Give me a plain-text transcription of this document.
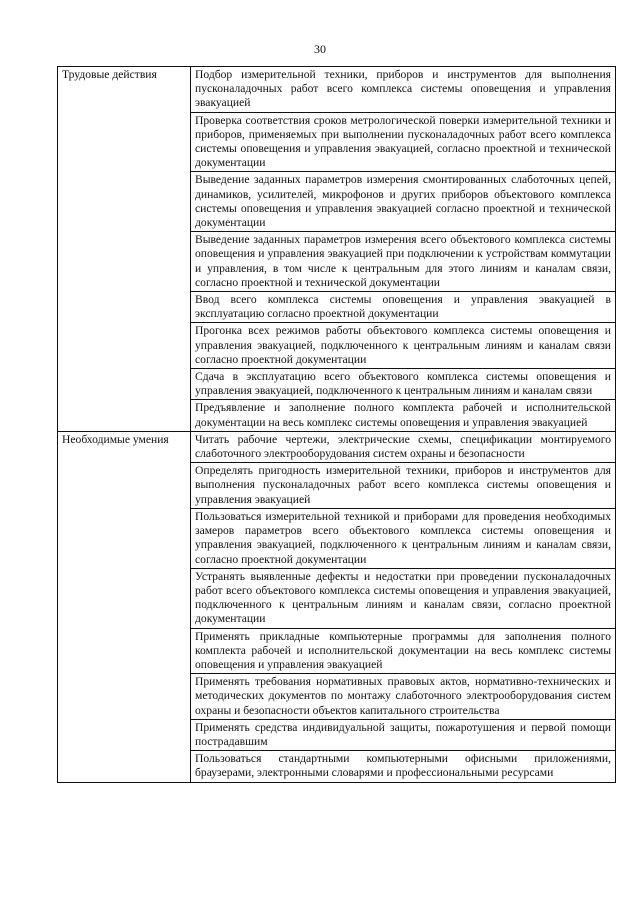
30
Трудовые действия	Подбор измерительной техники, приборов и инструментов для выполнения пусконаладочных работ всего комплекса системы оповещения и управления эвакуацией
	Проверка соответствия сроков метрологической поверки измерительной техники и приборов, применяемых при выполнении пусконаладочных работ всего комплекса системы оповещения и управления эвакуацией, согласно проектной и технической документации
	Выведение заданных параметров измерения смонтированных слаботочных цепей, динамиков, усилителей, микрофонов и других приборов объектового комплекса системы оповещения и управления эвакуацией согласно проектной и технической документации
	Выведение заданных параметров измерения всего объектового комплекса системы оповещения и управления эвакуацией при подключении к устройствам коммутации и управления, в том числе к центральным для этого линиям и каналам связи, согласно проектной и технической документации
	Ввод всего комплекса системы оповещения и управления эвакуацией в эксплуатацию согласно проектной документации
	Прогонка всех режимов работы объектового комплекса системы оповещения и управления эвакуацией, подключенного к центральным линиям и каналам связи согласно проектной документации
	Сдача в эксплуатацию всего объектового комплекса системы оповещения и управления эвакуацией, подключенного к центральным линиям и каналам связи
	Предъявление и заполнение полного комплекта рабочей и исполнительской документации на весь комплекс системы оповещения и управления эвакуацией
Необходимые умения	Читать рабочие чертежи, электрические схемы, спецификации монтируемого слаботочного электрооборудования систем охраны и безопасности
	Определять пригодность измерительной техники, приборов и инструментов для выполнения пусконаладочных работ всего комплекса системы оповещения и управления эвакуацией
	Пользоваться измерительной техникой и приборами для проведения необходимых замеров параметров всего объектового комплекса системы оповещения и управления эвакуацией, подключенного к центральным линиям и каналам связи, согласно проектной документации
	Устранять выявленные дефекты и недостатки при проведении пусконаладочных работ всего объектового комплекса системы оповещения и управления эвакуацией, подключенного к центральным линиям и каналам связи, согласно проектной документации
	Применять прикладные компьютерные программы для заполнения полного комплекта рабочей и исполнительской документации на весь комплекс системы оповещения и управления эвакуацией
	Применять требования нормативных правовых актов, нормативно-технических и методических документов по монтажу слаботочного электрооборудования систем охраны и безопасности объектов капитального строительства
	Применять средства индивидуальной защиты, пожаротушения и первой помощи пострадавшим
	Пользоваться стандартными компьютерными офисными приложениями, браузерами, электронными словарями и профессиональными ресурсами
